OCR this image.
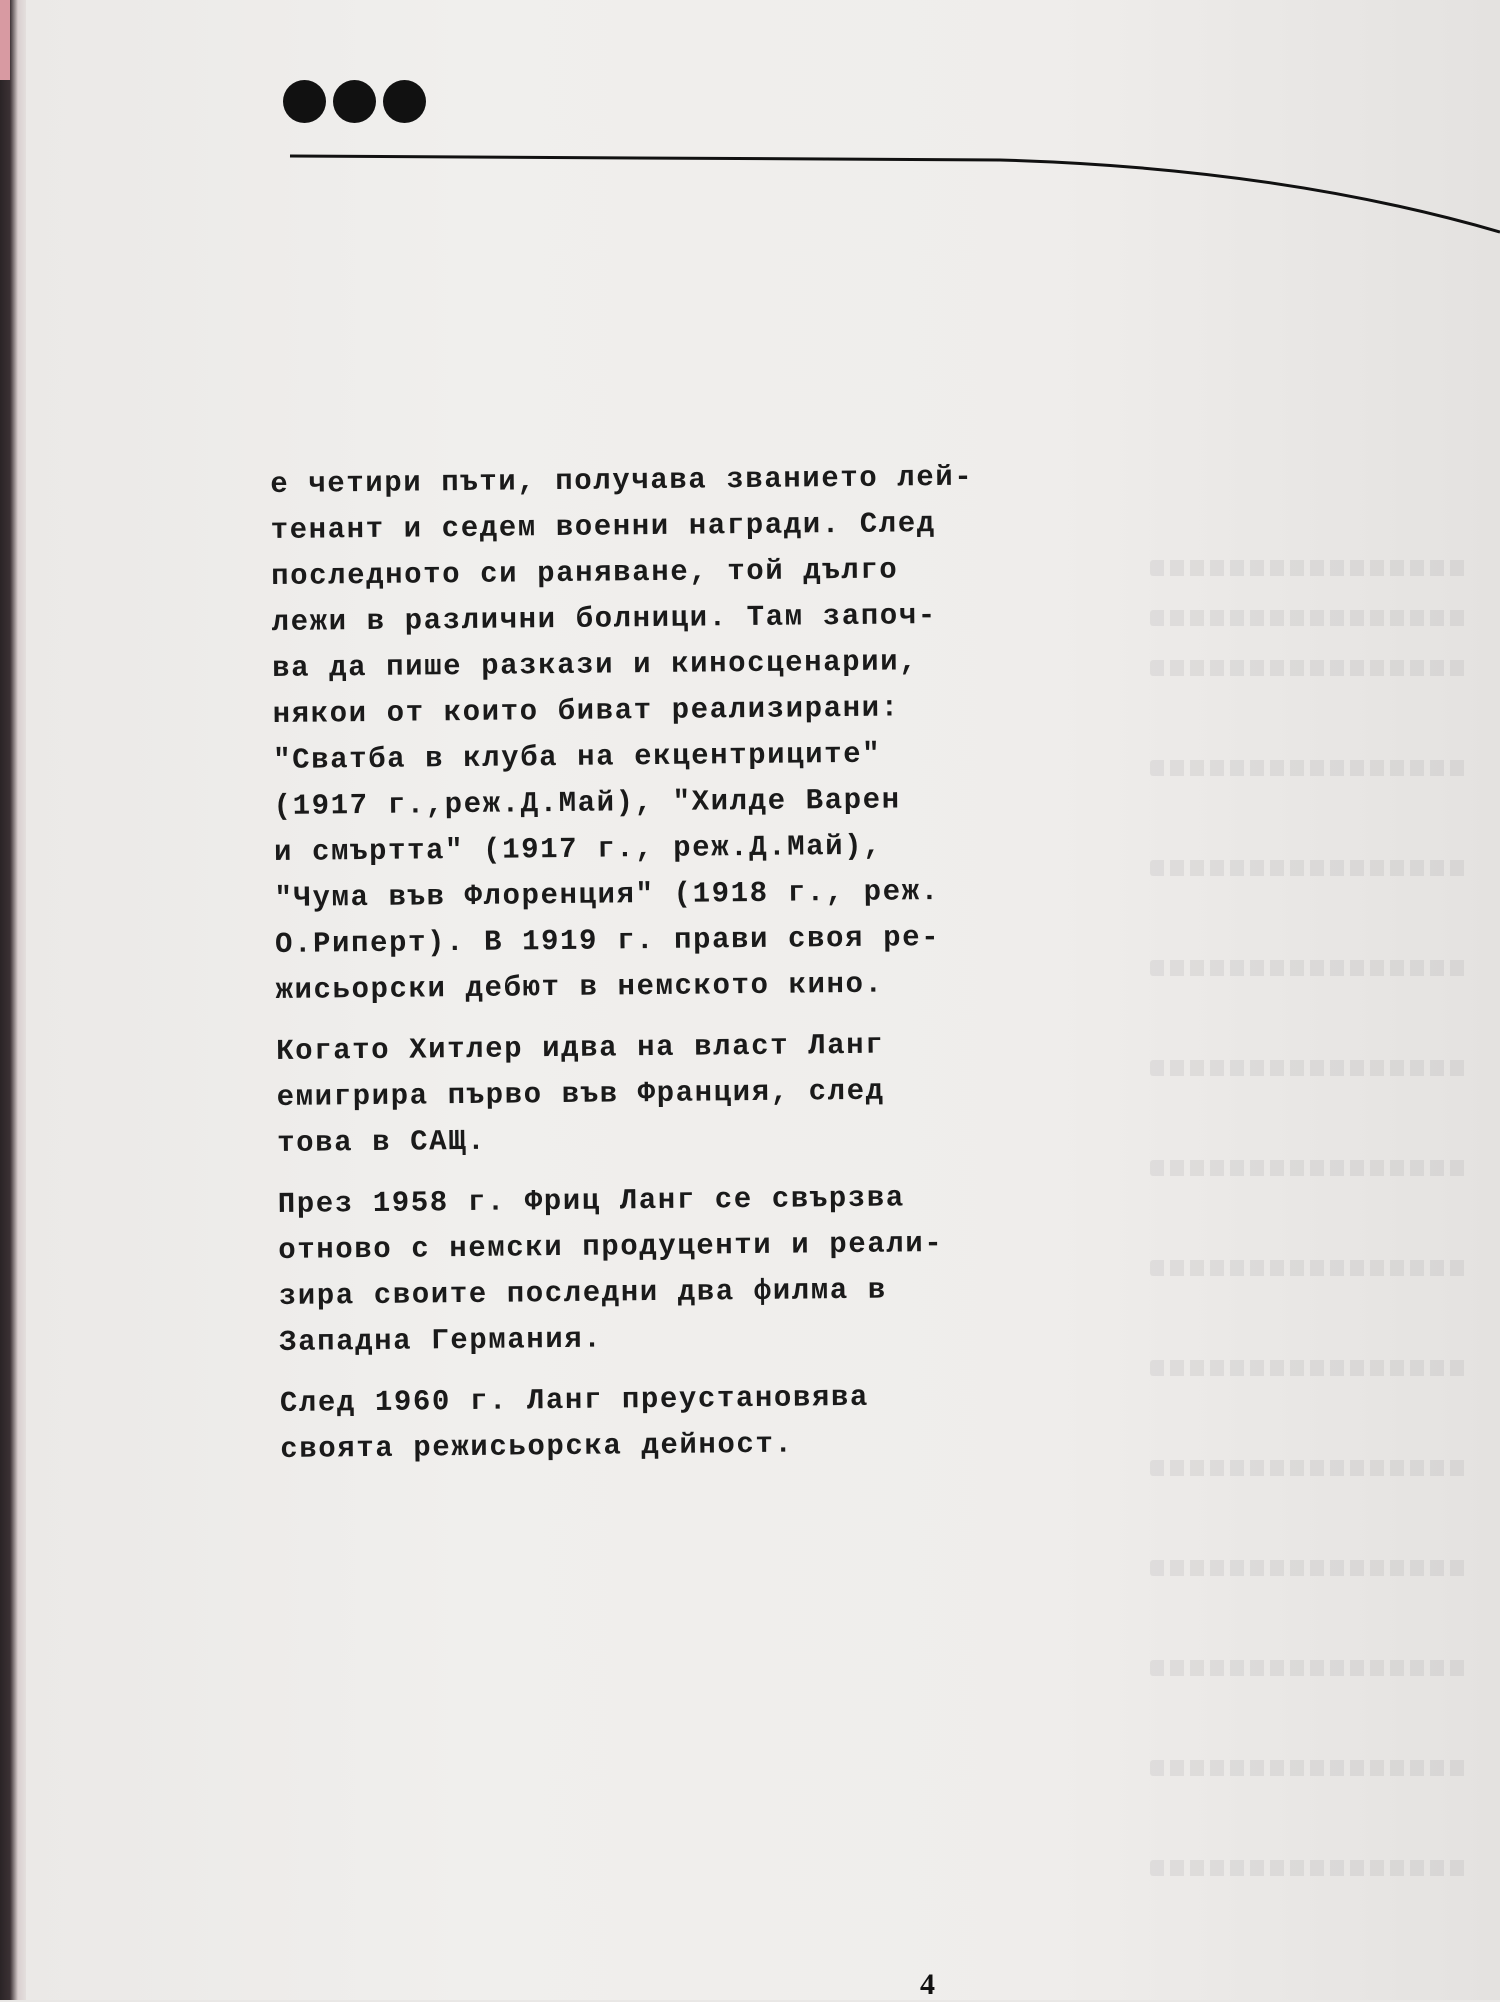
е четири пъти, получава званието лей-
тенант и седем военни награди. След
последното си раняване, той дълго
лежи в различни болници. Там започ-
ва да пише разкази и киносценарии,
някои от които биват реализирани:
"Сватба в клуба на екцентриците"
(1917 г.,реж.Д.Май), "Хилде Варен
и смъртта" (1917 г., реж.Д.Май),
"Чума във Флоренция" (1918 г., реж.
О.Риперт). В 1919 г. прави своя ре-
жисьорски дебют в немското кино.
Когато Хитлер идва на власт Ланг
емигрира първо във Франция, след
това в САЩ.
През 1958 г. Фриц Ланг се свързва
отново с немски продуценти и реали-
зира своите последни два филма в
Западна Германия.
След 1960 г. Ланг преустановява
своята режисьорска дейност.
4
